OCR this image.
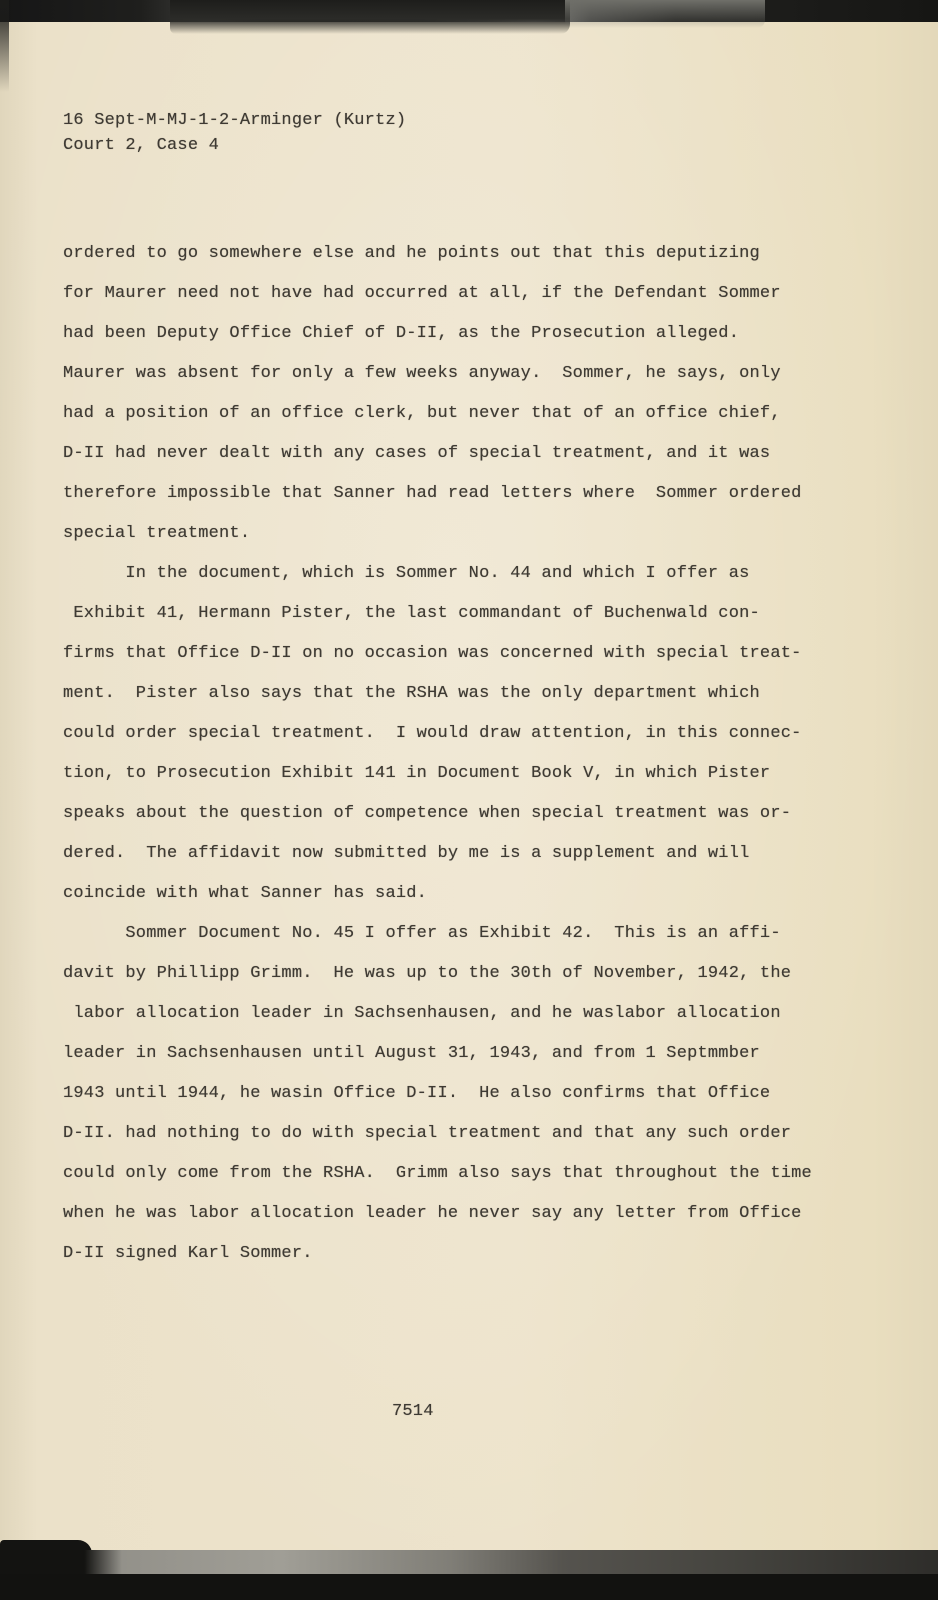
16 Sept-M-MJ-1-2-Arminger (Kurtz)
Court 2, Case 4
ordered to go somewhere else and he points out that this deputizing
for Maurer need not have had occurred at all, if the Defendant Sommer
had been Deputy Office Chief of D-II, as the Prosecution alleged.
Maurer was absent for only a few weeks anyway.  Sommer, he says, only
had a position of an office clerk, but never that of an office chief,
D-II had never dealt with any cases of special treatment, and it was
therefore impossible that Sanner had read letters where  Sommer ordered
special treatment.
In the document, which is Sommer No. 44 and which I offer as
Exhibit 41, Hermann Pister, the last commandant of Buchenwald con-
firms that Office D-II on no occasion was concerned with special treat-
ment.  Pister also says that the RSHA was the only department which
could order special treatment.  I would draw attention, in this connec-
tion, to Prosecution Exhibit 141 in Document Book V, in which Pister
speaks about the question of competence when special treatment was or-
dered.  The affidavit now submitted by me is a supplement and will
coincide with what Sanner has said.
Sommer Document No. 45 I offer as Exhibit 42.  This is an affi-
davit by Phillipp Grimm.  He was up to the 30th of November, 1942, the
labor allocation leader in Sachsenhausen, and he waslabor allocation
leader in Sachsenhausen until August 31, 1943, and from 1 Septmmber
1943 until 1944, he wasin Office D-II.  He also confirms that Office
D-II. had nothing to do with special treatment and that any such order
could only come from the RSHA.  Grimm also says that throughout the time
when he was labor allocation leader he never say any letter from Office
D-II signed Karl Sommer.
7514
